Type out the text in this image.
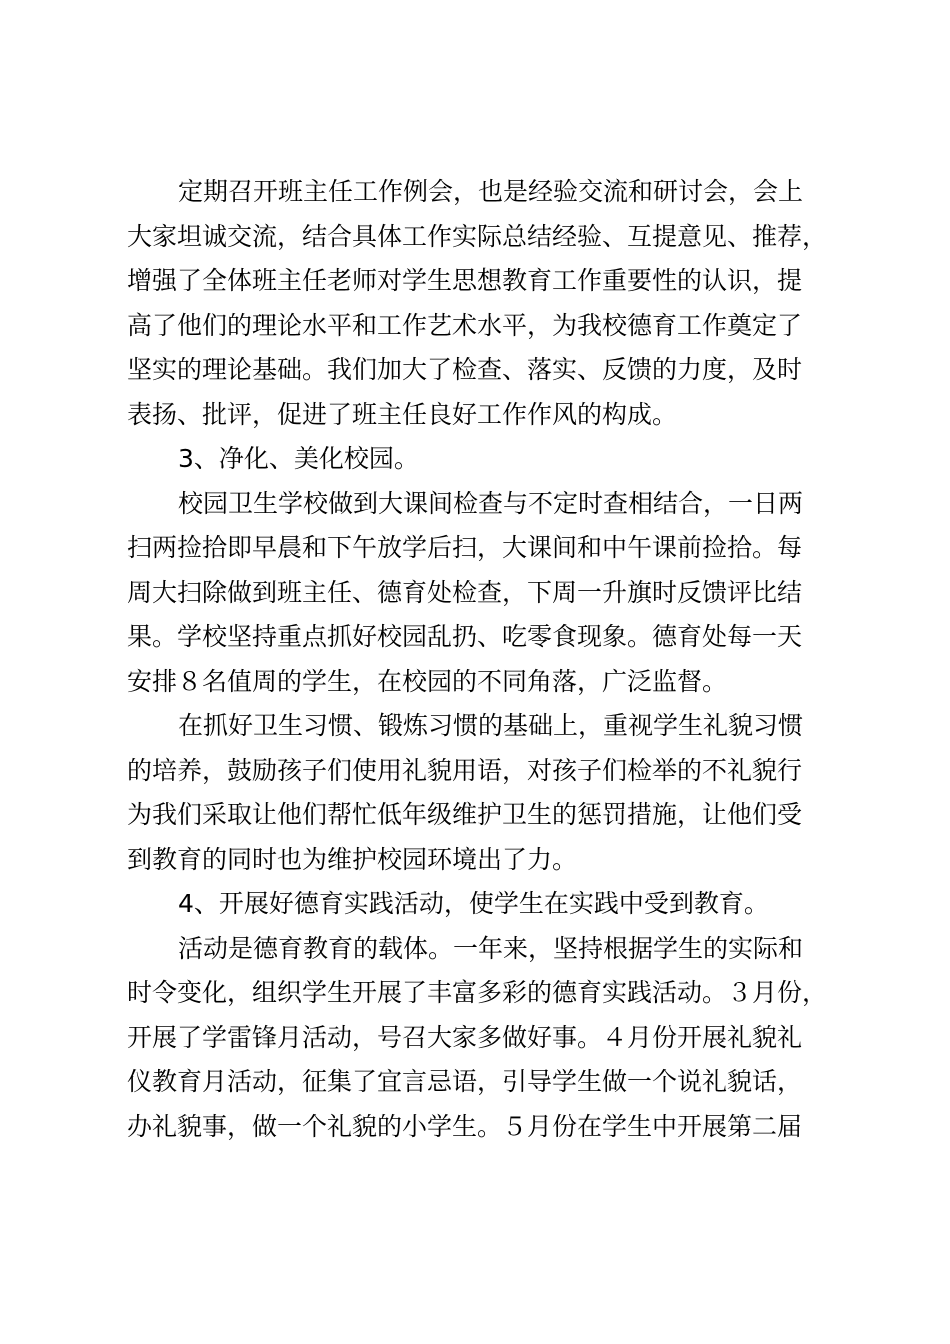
定期召开班主任工作例会，也是经验交流和研讨会，会上
大家坦诚交流，结合具体工作实际总结经验、互提意见、推荐，
增强了全体班主任老师对学生思想教育工作重要性的认识，提
高了他们的理论水平和工作艺术水平，为我校德育工作奠定了
坚实的理论基础。我们加大了检查、落实、反馈的力度，及时
表扬、批评，促进了班主任良好工作作风的构成。
3、净化、美化校园。
校园卫生学校做到大课间检查与不定时查相结合，一日两
扫两捡拾即早晨和下午放学后扫，大课间和中午课前捡拾。每
周大扫除做到班主任、德育处检查，下周一升旗时反馈评比结
果。学校坚持重点抓好校园乱扔、吃零食现象。德育处每一天
安排８名值周的学生，在校园的不同角落，广泛监督。
在抓好卫生习惯、锻炼习惯的基础上，重视学生礼貌习惯
的培养，鼓励孩子们使用礼貌用语，对孩子们检举的不礼貌行
为我们采取让他们帮忙低年级维护卫生的惩罚措施，让他们受
到教育的同时也为维护校园环境出了力。
4、开展好德育实践活动，使学生在实践中受到教育。
活动是德育教育的载体。一年来，坚持根据学生的实际和
时令变化，组织学生开展了丰富多彩的德育实践活动。３月份，
开展了学雷锋月活动，号召大家多做好事。４月份开展礼貌礼
仪教育月活动，征集了宜言忌语，引导学生做一个说礼貌话，
办礼貌事，做一个礼貌的小学生。５月份在学生中开展第二届
